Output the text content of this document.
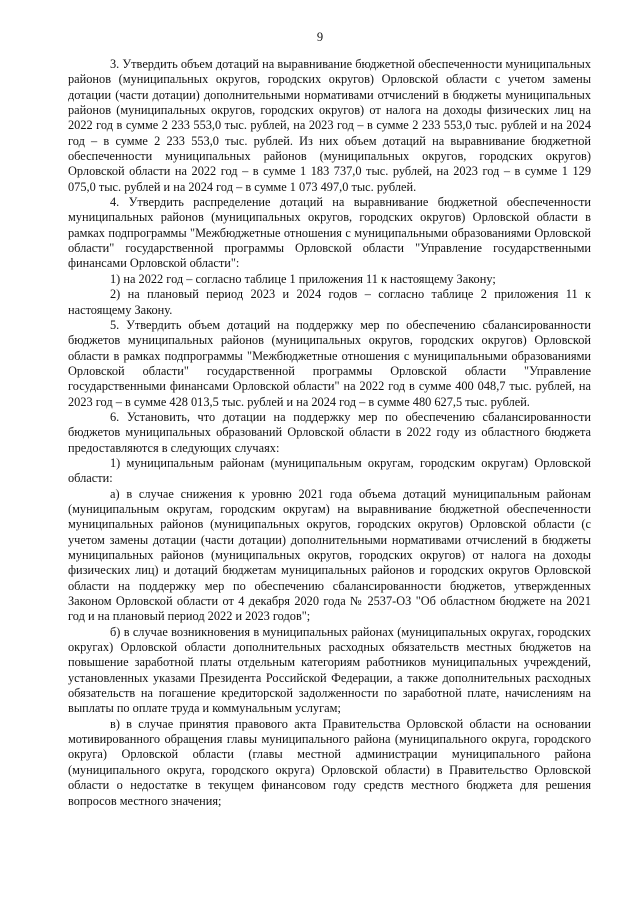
9

3. Утвердить объем дотаций на выравнивание бюджетной обеспеченности муниципальных районов (муниципальных округов, городских округов) Орловской области с учетом замены дотации (части дотации) дополнительными нормативами отчислений в бюджеты муниципальных районов (муниципальных округов, городских округов) от налога на доходы физических лиц на 2022 год в сумме 2 233 553,0 тыс. рублей, на 2023 год – в сумме 2 233 553,0 тыс. рублей и на 2024 год – в сумме 2 233 553,0 тыс. рублей. Из них объем дотаций на выравнивание бюджетной обеспеченности муниципальных районов (муниципальных округов, городских округов) Орловской области на 2022 год – в сумме 1 183 737,0 тыс. рублей, на 2023 год – в сумме 1 129 075,0 тыс. рублей и на 2024 год – в сумме 1 073 497,0 тыс. рублей.

4. Утвердить распределение дотаций на выравнивание бюджетной обеспеченности муниципальных районов (муниципальных округов, городских округов) Орловской области в рамках подпрограммы "Межбюджетные отношения с муниципальными образованиями Орловской области" государственной программы Орловской области "Управление государственными финансами Орловской области":

1) на 2022 год – согласно таблице 1 приложения 11 к настоящему Закону;

2) на плановый период 2023 и 2024 годов – согласно таблице 2 приложения 11 к настоящему Закону.

5. Утвердить объем дотаций на поддержку мер по обеспечению сбалансированности бюджетов муниципальных районов (муниципальных округов, городских округов) Орловской области в рамках подпрограммы "Межбюджетные отношения с муниципальными образованиями Орловской области" государственной программы Орловской области "Управление государственными финансами Орловской области" на 2022 год в сумме 400 048,7 тыс. рублей, на 2023 год – в сумме 428 013,5 тыс. рублей и на 2024 год – в сумме 480 627,5 тыс. рублей.

6. Установить, что дотации на поддержку мер по обеспечению сбалансированности бюджетов муниципальных образований Орловской области в 2022 году из областного бюджета предоставляются в следующих случаях:

1) муниципальным районам (муниципальным округам, городским округам) Орловской области:

а) в случае снижения к уровню 2021 года объема дотаций муниципальным районам (муниципальным округам, городским округам) на выравнивание бюджетной обеспеченности муниципальных районов (муниципальных округов, городских округов) Орловской области (с учетом замены дотации (части дотации) дополнительными нормативами отчислений в бюджеты муниципальных районов (муниципальных округов, городских округов) от налога на доходы физических лиц) и дотаций бюджетам муниципальных районов и городских округов Орловской области на поддержку мер по обеспечению сбалансированности бюджетов, утвержденных Законом Орловской области от 4 декабря 2020 года № 2537-ОЗ "Об областном бюджете на 2021 год и на плановый период 2022 и 2023 годов";

б) в случае возникновения в муниципальных районах (муниципальных округах, городских округах) Орловской области дополнительных расходных обязательств местных бюджетов на повышение заработной платы отдельным категориям работников муниципальных учреждений, установленных указами Президента Российской Федерации, а также дополнительных расходных обязательств на погашение кредиторской задолженности по заработной плате, начислениям на выплаты по оплате труда и коммунальным услугам;

в) в случае принятия правового акта Правительства Орловской области на основании мотивированного обращения главы муниципального района (муниципального округа, городского округа) Орловской области (главы местной администрации муниципального района (муниципального округа, городского округа) Орловской области) в Правительство Орловской области о недостатке в текущем финансовом году средств местного бюджета для решения вопросов местного значения;
